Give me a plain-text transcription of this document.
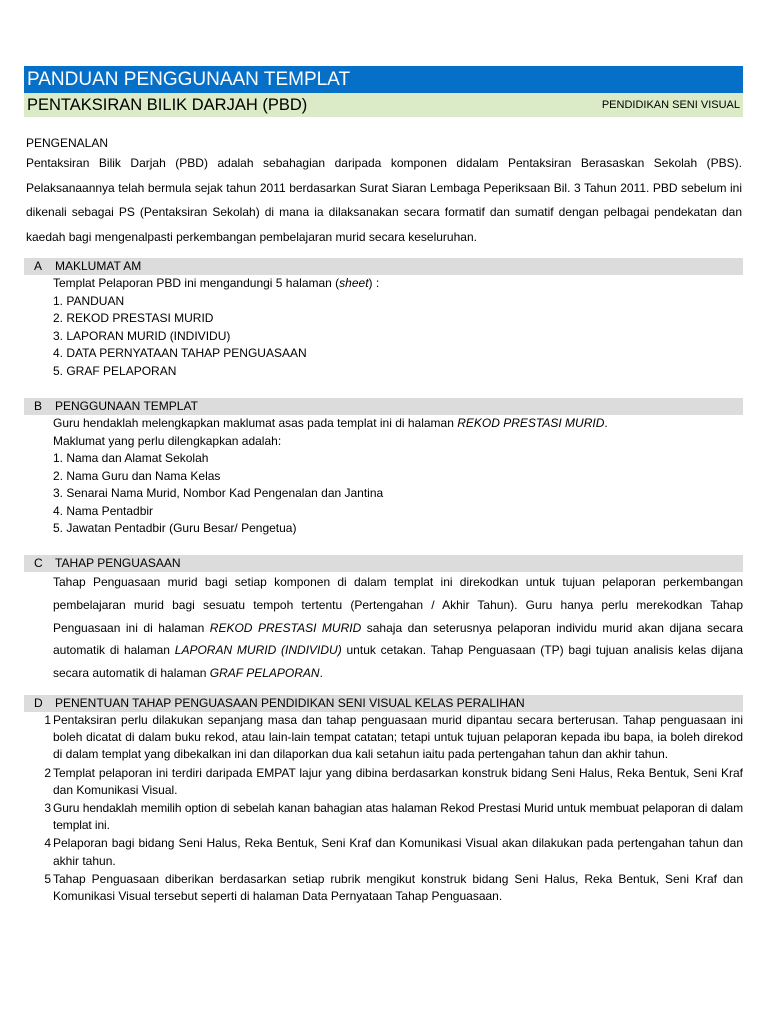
PANDUAN PENGGUNAAN TEMPLAT
PENTAKSIRAN BILIK DARJAH (PBD)	PENDIDIKAN SENI VISUAL
PENGENALAN
Pentaksiran Bilik Darjah (PBD) adalah sebahagian daripada komponen didalam Pentaksiran Berasaskan Sekolah (PBS). Pelaksanaannya telah bermula sejak tahun 2011 berdasarkan Surat Siaran Lembaga Peperiksaan Bil. 3 Tahun 2011. PBD sebelum ini dikenali sebagai PS (Pentaksiran Sekolah) di mana ia dilaksanakan secara formatif dan sumatif dengan pelbagai pendekatan dan kaedah bagi mengenalpasti perkembangan pembelajaran murid secara keseluruhan.
A MAKLUMAT AM
Templat Pelaporan PBD ini mengandungi 5 halaman (sheet) :
1. PANDUAN
2. REKOD PRESTASI MURID
3. LAPORAN MURID (INDIVIDU)
4. DATA PERNYATAAN TAHAP PENGUASAAN
5. GRAF PELAPORAN
B PENGGUNAAN TEMPLAT
Guru hendaklah melengkapkan maklumat asas pada templat ini di halaman REKOD PRESTASI MURID.
Maklumat yang perlu dilengkapkan adalah:
1. Nama dan Alamat Sekolah
2. Nama Guru dan Nama Kelas
3. Senarai Nama Murid, Nombor Kad Pengenalan dan Jantina
4. Nama Pentadbir
5. Jawatan Pentadbir (Guru Besar/ Pengetua)
C TAHAP PENGUASAAN
Tahap Penguasaan murid bagi setiap komponen di dalam templat ini direkodkan untuk tujuan pelaporan perkembangan pembelajaran murid bagi sesuatu tempoh tertentu (Pertengahan / Akhir Tahun). Guru hanya perlu merekodkan Tahap Penguasaan ini di halaman REKOD PRESTASI MURID sahaja dan seterusnya pelaporan individu murid akan dijana secara automatik di halaman LAPORAN MURID (INDIVIDU) untuk cetakan. Tahap Penguasaan (TP) bagi tujuan analisis kelas dijana secara automatik di halaman GRAF PELAPORAN.
D PENENTUAN TAHAP PENGUASAAN PENDIDIKAN SENI VISUAL KELAS PERALIHAN
1 Pentaksiran perlu dilakukan sepanjang masa dan tahap penguasaan murid dipantau secara berterusan. Tahap penguasaan ini boleh dicatat di dalam buku rekod, atau lain-lain tempat catatan; tetapi untuk tujuan pelaporan kepada ibu bapa, ia boleh direkod di dalam templat yang dibekalkan ini dan dilaporkan dua kali setahun iaitu pada pertengahan tahun dan akhir tahun.
2 Templat pelaporan ini terdiri daripada EMPAT lajur yang dibina berdasarkan konstruk bidang Seni Halus, Reka Bentuk, Seni Kraf dan Komunikasi Visual.
3 Guru hendaklah memilih option di sebelah kanan bahagian atas halaman Rekod Prestasi Murid untuk membuat pelaporan di dalam templat ini.
4 Pelaporan bagi bidang Seni Halus, Reka Bentuk, Seni Kraf dan Komunikasi Visual akan dilakukan pada pertengahan tahun dan akhir tahun.
5 Tahap Penguasaan diberikan berdasarkan setiap rubrik mengikut konstruk bidang Seni Halus, Reka Bentuk, Seni Kraf dan Komunikasi Visual tersebut seperti di halaman Data Pernyataan Tahap Penguasaan.
